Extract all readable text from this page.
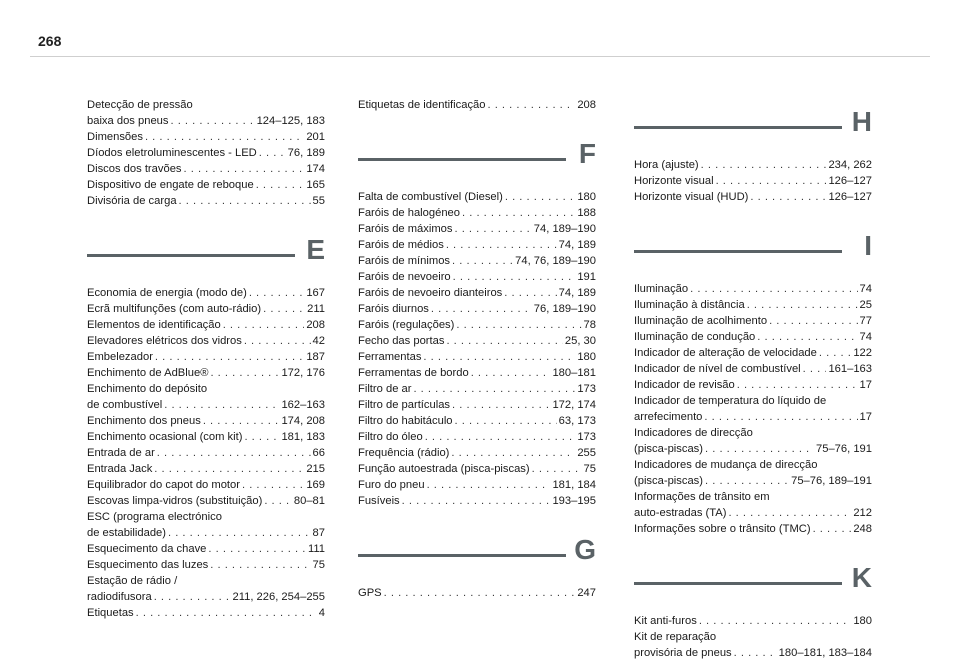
268
Detecção de pressão
baixa dos pneus . . .	124–125, 183
Dimensões . . .	201
Díodos eletroluminescentes - LED . . .	76, 189
Discos dos travões . . .	174
Dispositivo de engate de reboque . . .	165
Divisória de carga . . .	55
E
Economia de energia (modo de) . . .	167
Ecrã multifunções (com auto-rádio) . . .	211
Elementos de identificação . . .	208
Elevadores elétricos dos vidros . . .	42
Embelezador . . .	187
Enchimento de AdBlue® . . .	172, 176
Enchimento do depósito
de combustível . . .	162–163
Enchimento dos pneus . . .	174, 208
Enchimento ocasional (com kit) . . .	181, 183
Entrada de ar . . .	66
Entrada Jack . . .	215
Equilibrador do capot do motor . . .	169
Escovas limpa-vidros (substituição) . . .	80–81
ESC (programa electrónico
de estabilidade) . . .	87
Esquecimento da chave . . .	111
Esquecimento das luzes . . .	75
Estação de rádio /
radiodifusora . . .	211, 226, 254–255
Etiquetas . . .	4
Etiquetas de identificação . . .	208
F
Falta de combustível (Diesel) . . .	180
Faróis de halogéneo . . .	188
Faróis de máximos . . .	74, 189–190
Faróis de médios . . .	74, 189
Faróis de mínimos . . .	74, 76, 189–190
Faróis de nevoeiro . . .	191
Faróis de nevoeiro dianteiros . . .	74, 189
Faróis diurnos . . .	76, 189–190
Faróis (regulações) . . .	78
Fecho das portas . . .	25, 30
Ferramentas . . .	180
Ferramentas de bordo . . .	180–181
Filtro de ar . . .	173
Filtro de partículas . . .	172, 174
Filtro do habitáculo . . .	63, 173
Filtro do óleo . . .	173
Frequência (rádio) . . .	255
Função autoestrada (pisca-piscas) . . .	75
Furo do pneu . . .	181, 184
Fusíveis . . .	193–195
G
GPS . . .	247
H
Hora (ajuste) . . .	234, 262
Horizonte visual . . .	126–127
Horizonte visual (HUD) . . .	126–127
I
Iluminação . . .	74
Iluminação à distância . . .	25
Iluminação de acolhimento . . .	77
Iluminação de condução . . .	74
Indicador de alteração de velocidade . . .	122
Indicador de nível de combustível . . . 161–163
Indicador de revisão . . .	17
Indicador de temperatura do líquido de
arrefecimento . . .	17
Indicadores de direcção
(pisca-piscas) . . .	75–76, 191
Indicadores de mudança de direcção
(pisca-piscas) . . .	75–76, 189–191
Informações de trânsito em
auto-estradas (TA) . . .	212
Informações sobre o trânsito (TMC) . . .	248
K
Kit anti-furos . . .	180
Kit de reparação
provisória de pneus . . .	180–181, 183–184
